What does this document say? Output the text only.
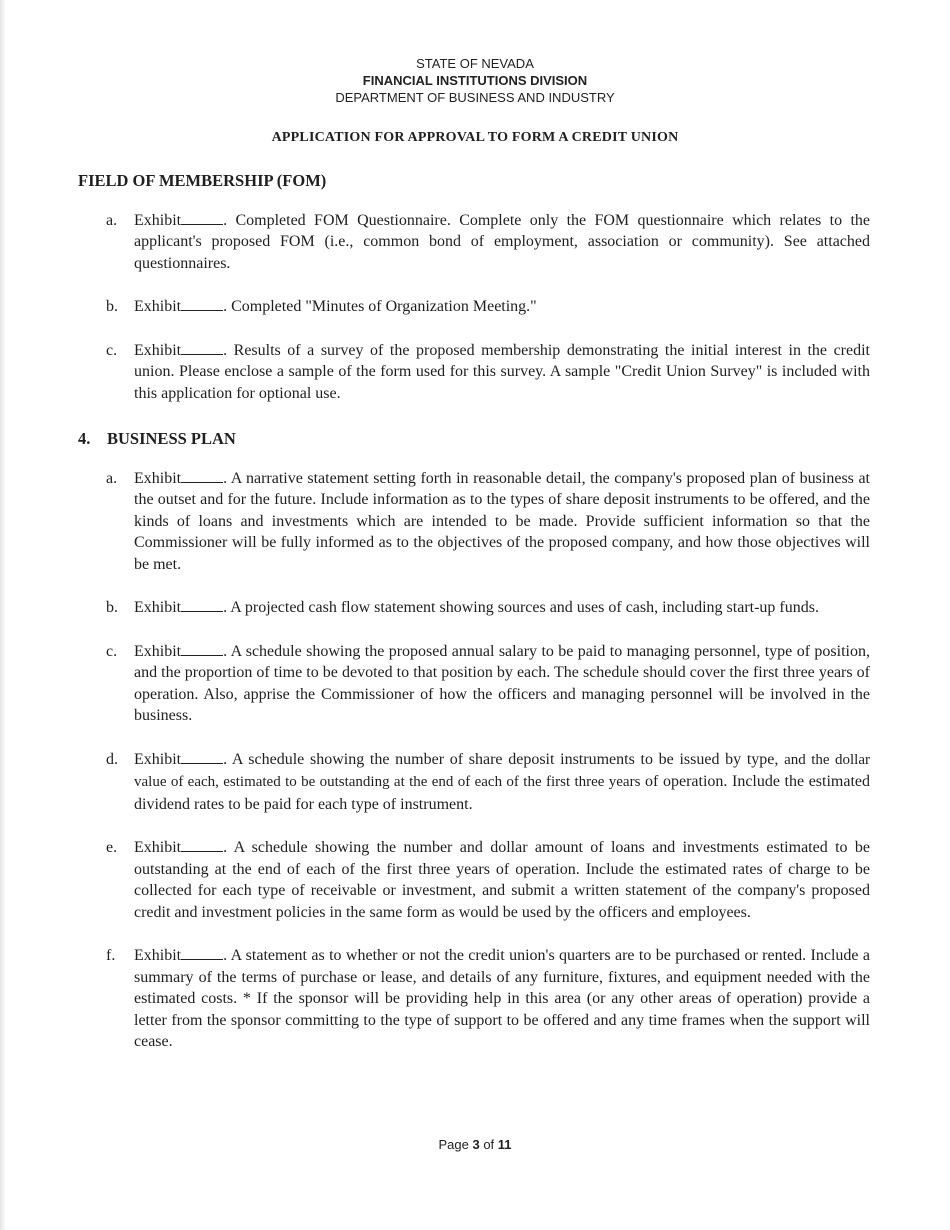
STATE OF NEVADA
FINANCIAL INSTITUTIONS DIVISION
DEPARTMENT OF BUSINESS AND INDUSTRY
APPLICATION FOR APPROVAL TO FORM A CREDIT UNION
FIELD OF MEMBERSHIP (FOM)
a. Exhibit	. Completed FOM Questionnaire. Complete only the FOM questionnaire which relates to the applicant's proposed FOM (i.e., common bond of employment, association or community). See attached questionnaires.
b. Exhibit	. Completed "Minutes of Organization Meeting."
c. Exhibit	. Results of a survey of the proposed membership demonstrating the initial interest in the credit union. Please enclose a sample of the form used for this survey. A sample "Credit Union Survey" is included with this application for optional use.
4. BUSINESS PLAN
a. Exhibit	. A narrative statement setting forth in reasonable detail, the company's proposed plan of business at the outset and for the future. Include information as to the types of share deposit instruments to be offered, and the kinds of loans and investments which are intended to be made. Provide sufficient information so that the Commissioner will be fully informed as to the objectives of the proposed company, and how those objectives will be met.
b. Exhibit	. A projected cash flow statement showing sources and uses of cash, including start-up funds.
c. Exhibit	. A schedule showing the proposed annual salary to be paid to managing personnel, type of position, and the proportion of time to be devoted to that position by each. The schedule should cover the first three years of operation. Also, apprise the Commissioner of how the officers and managing personnel will be involved in the business.
d. Exhibit	. A schedule showing the number of share deposit instruments to be issued by type, and the dollar value of each, estimated to be outstanding at the end of each of the first three years of operation. Include the estimated dividend rates to be paid for each type of instrument.
e. Exhibit	. A schedule showing the number and dollar amount of loans and investments estimated to be outstanding at the end of each of the first three years of operation. Include the estimated rates of charge to be collected for each type of receivable or investment, and submit a written statement of the company's proposed credit and investment policies in the same form as would be used by the officers and employees.
f. Exhibit	. A statement as to whether or not the credit union's quarters are to be purchased or rented. Include a summary of the terms of purchase or lease, and details of any furniture, fixtures, and equipment needed with the estimated costs. * If the sponsor will be providing help in this area (or any other areas of operation) provide a letter from the sponsor committing to the type of support to be offered and any time frames when the support will cease.
Page 3 of 11
